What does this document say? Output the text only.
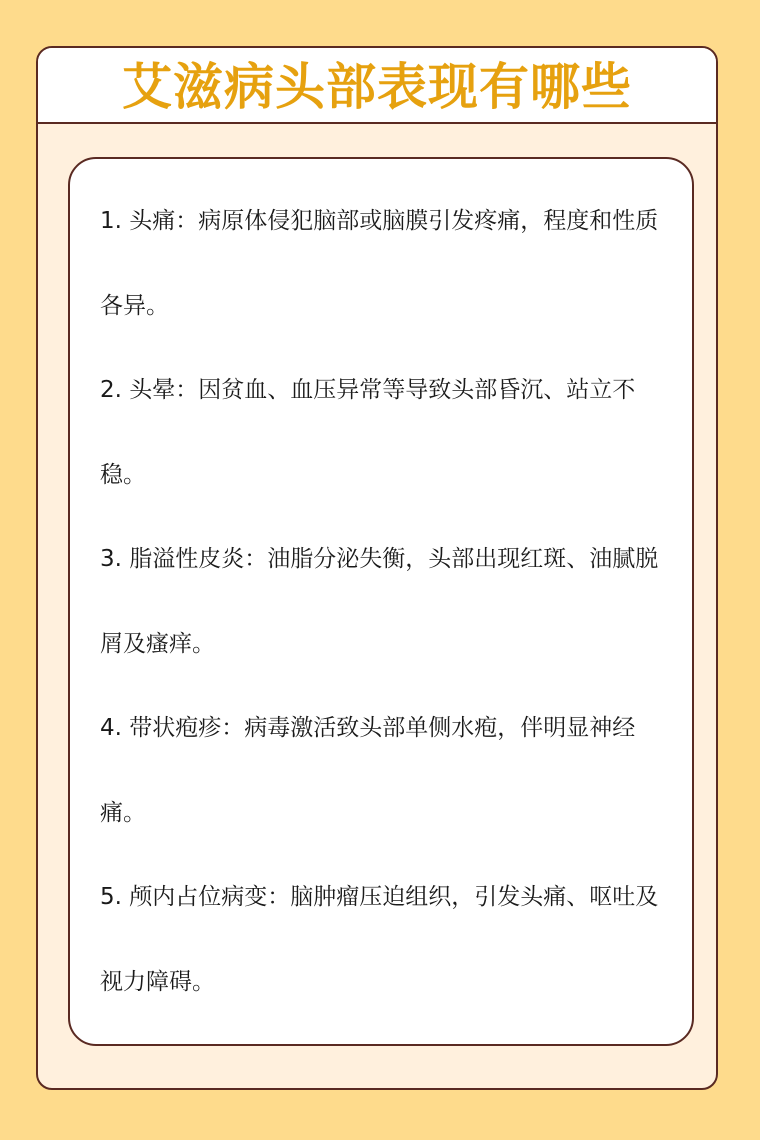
艾滋病头部表现有哪些
1. 头痛：病原体侵犯脑部或脑膜引发疼痛，程度和性质各异。
2. 头晕：因贫血、血压异常等导致头部昏沉、站立不稳。
3. 脂溢性皮炎：油脂分泌失衡，头部出现红斑、油腻脱屑及瘙痒。
4. 带状疱疹：病毒激活致头部单侧水疱，伴明显神经痛。
5. 颅内占位病变：脑肿瘤压迫组织，引发头痛、呕吐及视力障碍。
